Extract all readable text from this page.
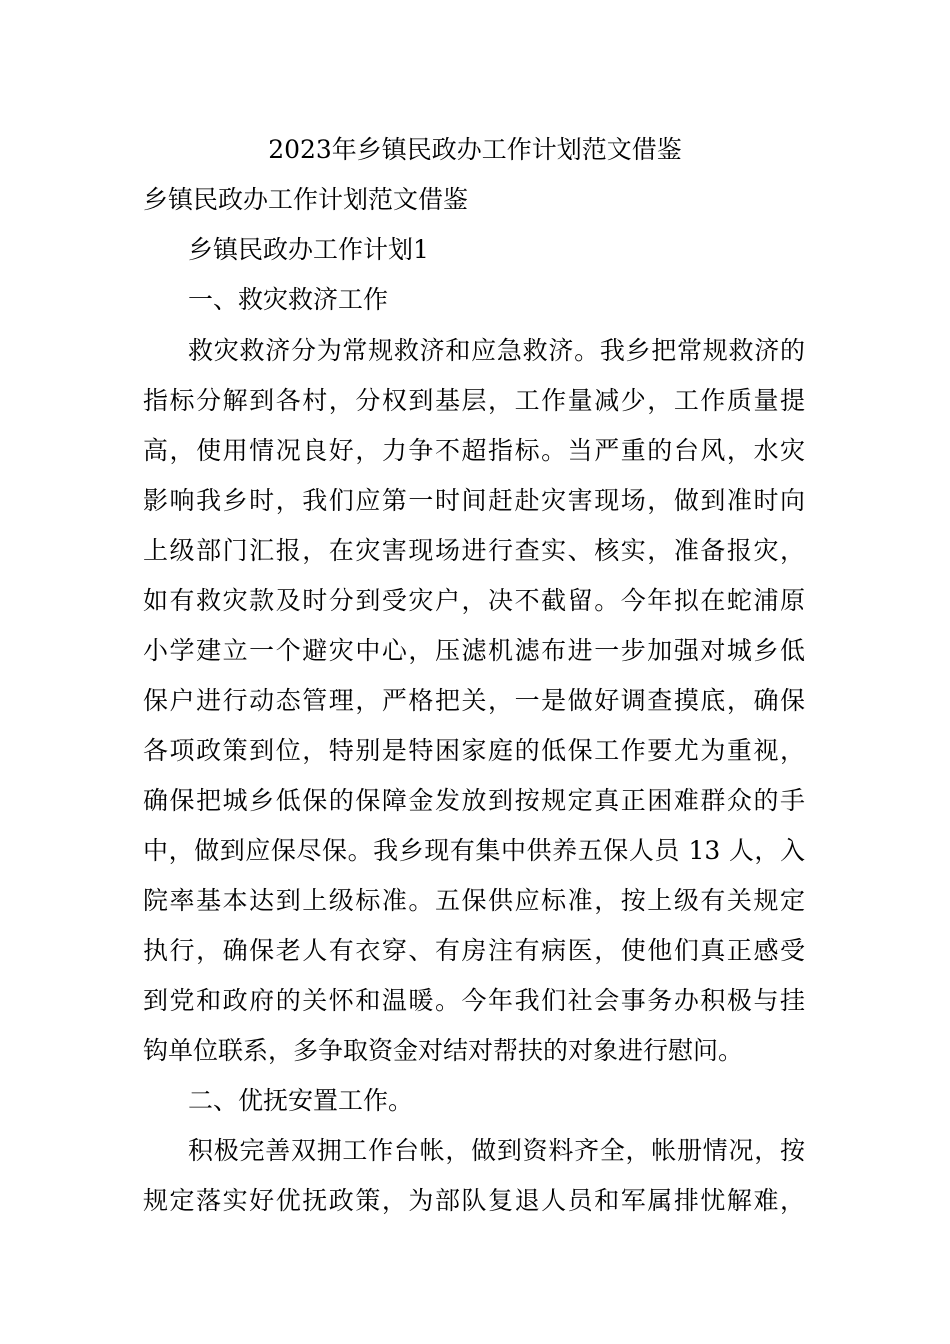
2023年乡镇民政办工作计划范文借鉴
乡镇民政办工作计划范文借鉴
乡镇民政办工作计划1
一、救灾救济工作
救灾救济分为常规救济和应急救济。我乡把常规救济的
指标分解到各村，分权到基层，工作量减少，工作质量提
高，使用情况良好，力争不超指标。当严重的台风，水灾
影响我乡时，我们应第一时间赶赴灾害现场，做到准时向
上级部门汇报，在灾害现场进行查实、核实，准备报灾，
如有救灾款及时分到受灾户，决不截留。今年拟在蛇浦原
小学建立一个避灾中心，压滤机滤布进一步加强对城乡低
保户进行动态管理，严格把关，一是做好调查摸底，确保
各项政策到位，特别是特困家庭的低保工作要尤为重视，
确保把城乡低保的保障金发放到按规定真正困难群众的手
中，做到应保尽保。我乡现有集中供养五保人员 13 人，入
院率基本达到上级标准。五保供应标准，按上级有关规定
执行，确保老人有衣穿、有房注有病医，使他们真正感受
到党和政府的关怀和温暖。今年我们社会事务办积极与挂
钩单位联系，多争取资金对结对帮扶的对象进行慰问。
二、优抚安置工作。
积极完善双拥工作台帐，做到资料齐全，帐册情况，按
规定落实好优抚政策，为部队复退人员和军属排忧解难，
